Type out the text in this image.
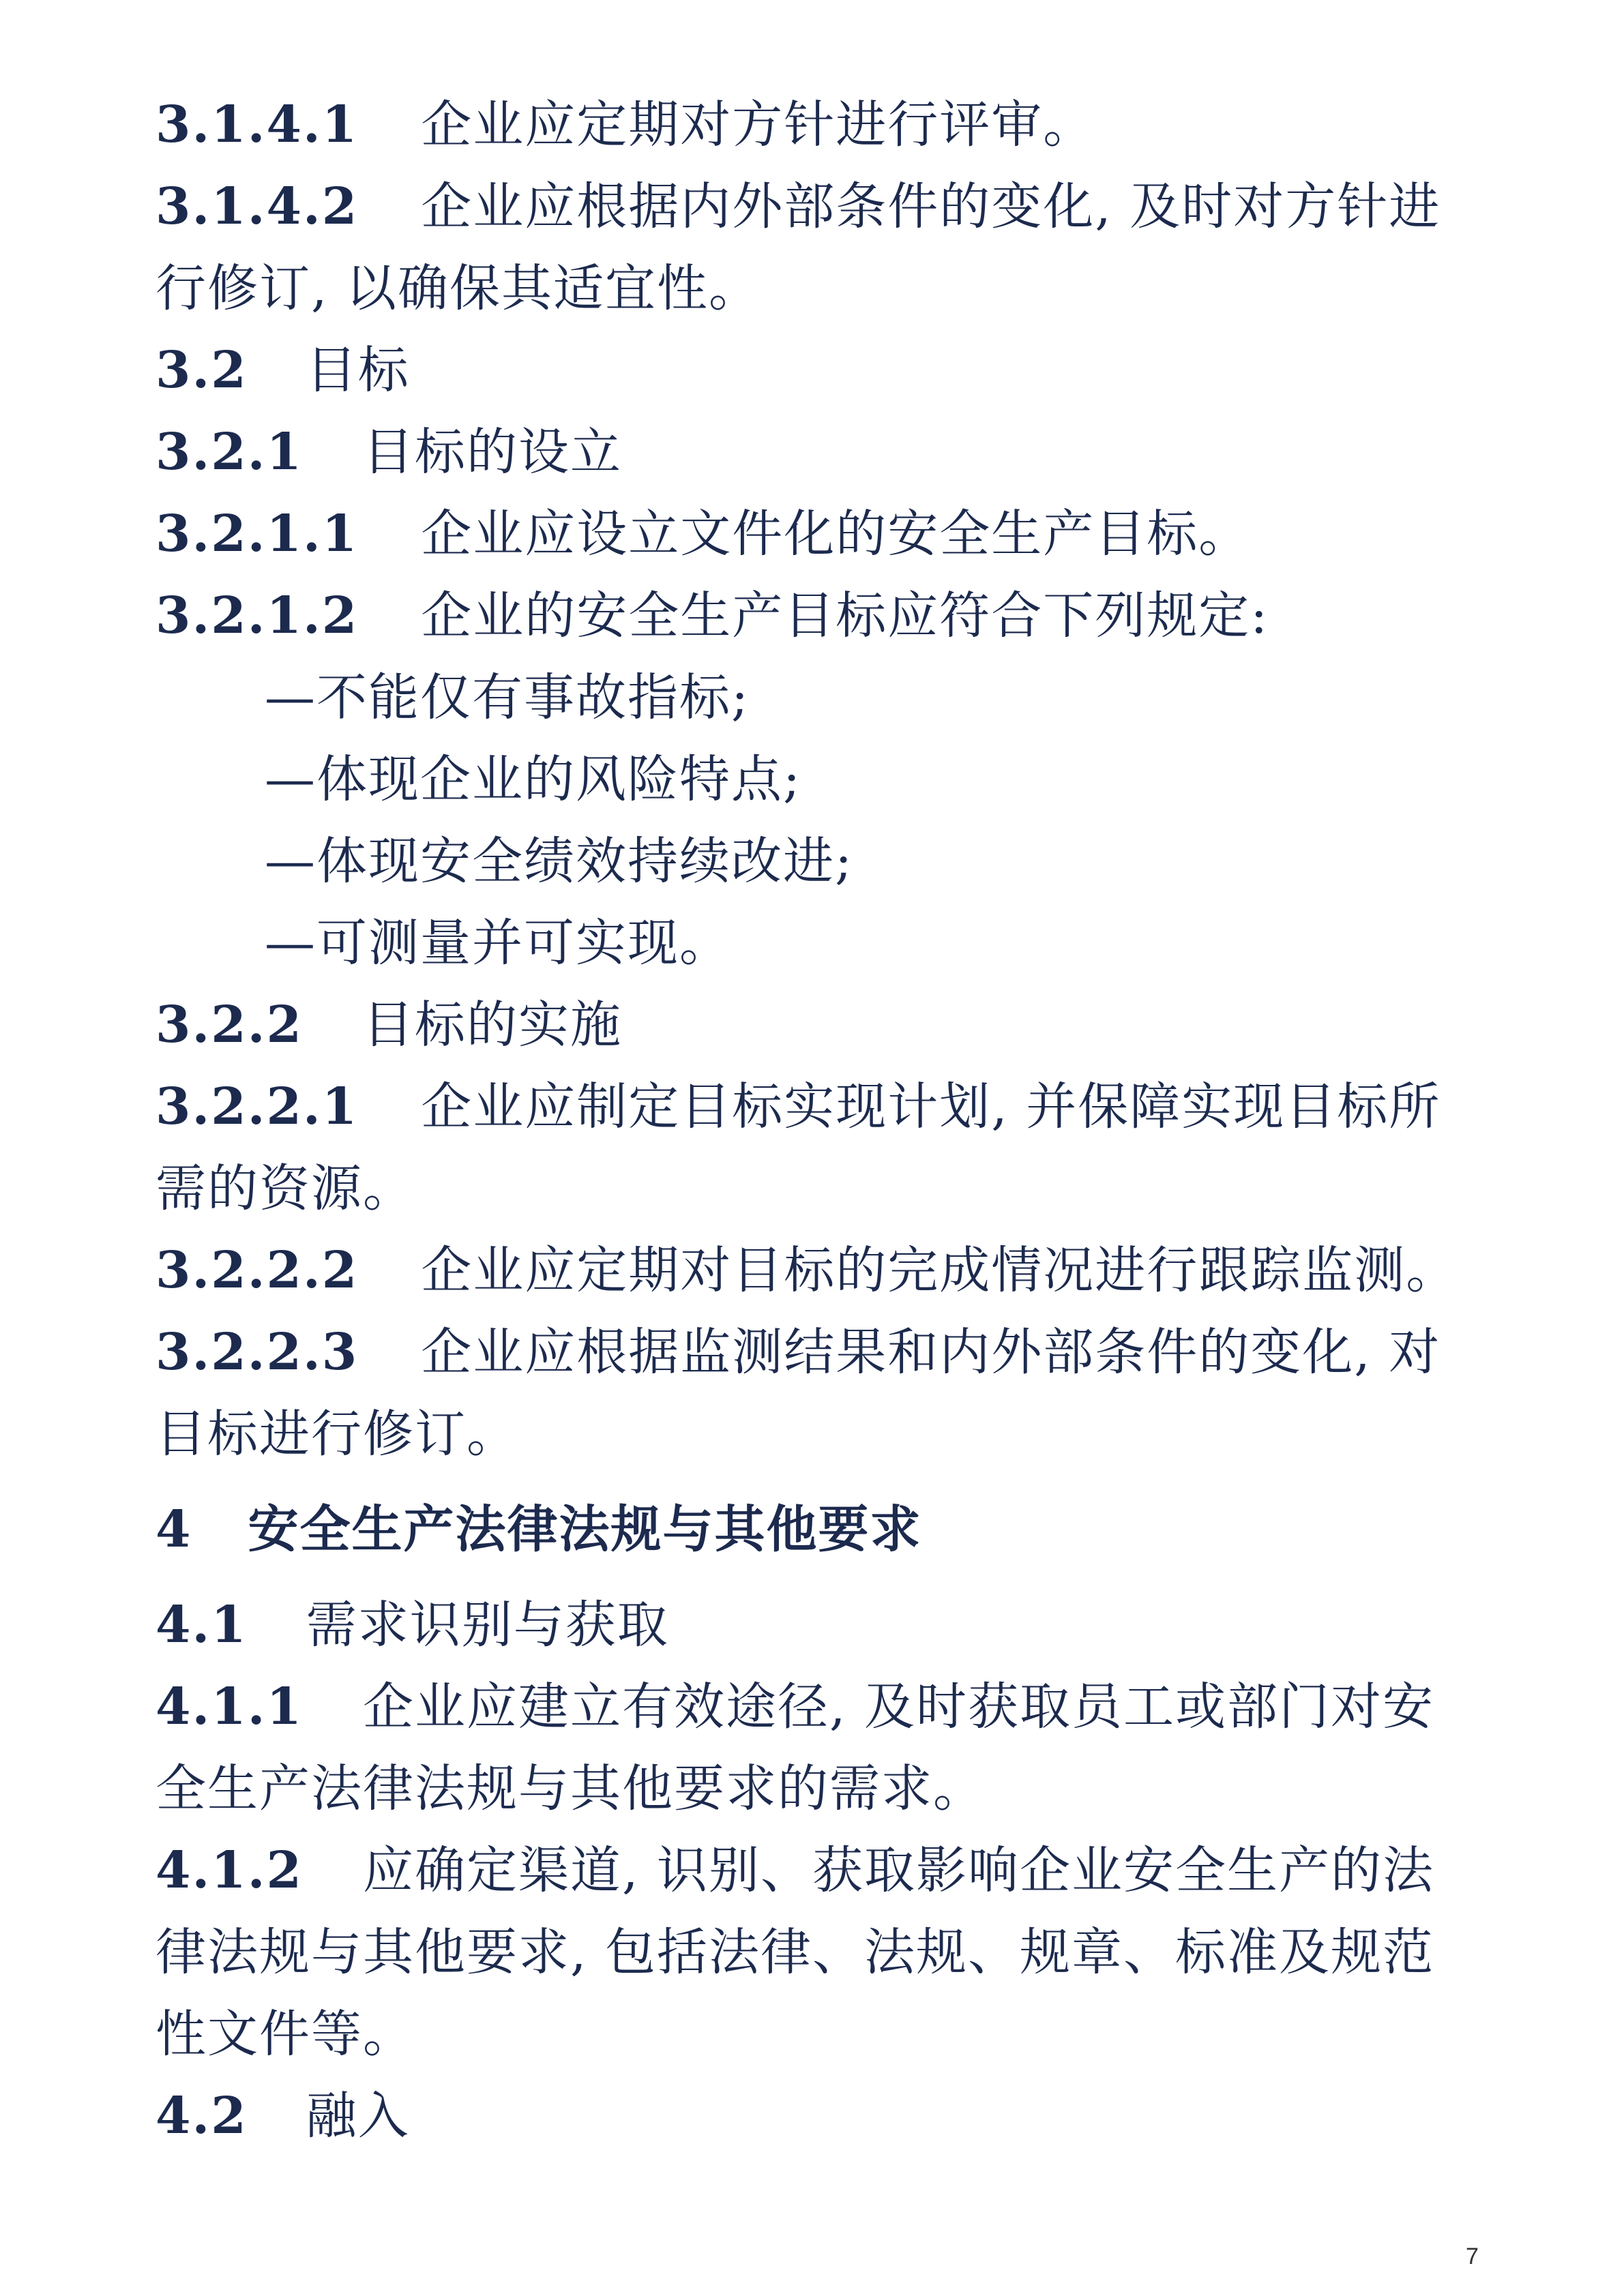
3.1.4.1 企业应定期对方针进行评审。
3.1.4.2 企业应根据内外部条件的变化, 及时对方针进
行修订, 以确保其适宜性。
3.2 目标
3.2.1 目标的设立
3.2.1.1 企业应设立文件化的安全生产目标。
3.2.1.2 企业的安全生产目标应符合下列规定:
—不能仅有事故指标;
—体现企业的风险特点;
—体现安全绩效持续改进;
—可测量并可实现。
3.2.2 目标的实施
3.2.2.1 企业应制定目标实现计划, 并保障实现目标所
需的资源。
3.2.2.2 企业应定期对目标的完成情况进行跟踪监测。
3.2.2.3 企业应根据监测结果和内外部条件的变化, 对
目标进行修订。
4 安全生产法律法规与其他要求
4.1 需求识别与获取
4.1.1 企业应建立有效途径, 及时获取员工或部门对安
全生产法律法规与其他要求的需求。
4.1.2 应确定渠道, 识别、获取影响企业安全生产的法
律法规与其他要求, 包括法律、法规、规章、标准及规范
性文件等。
4.2 融入
7
